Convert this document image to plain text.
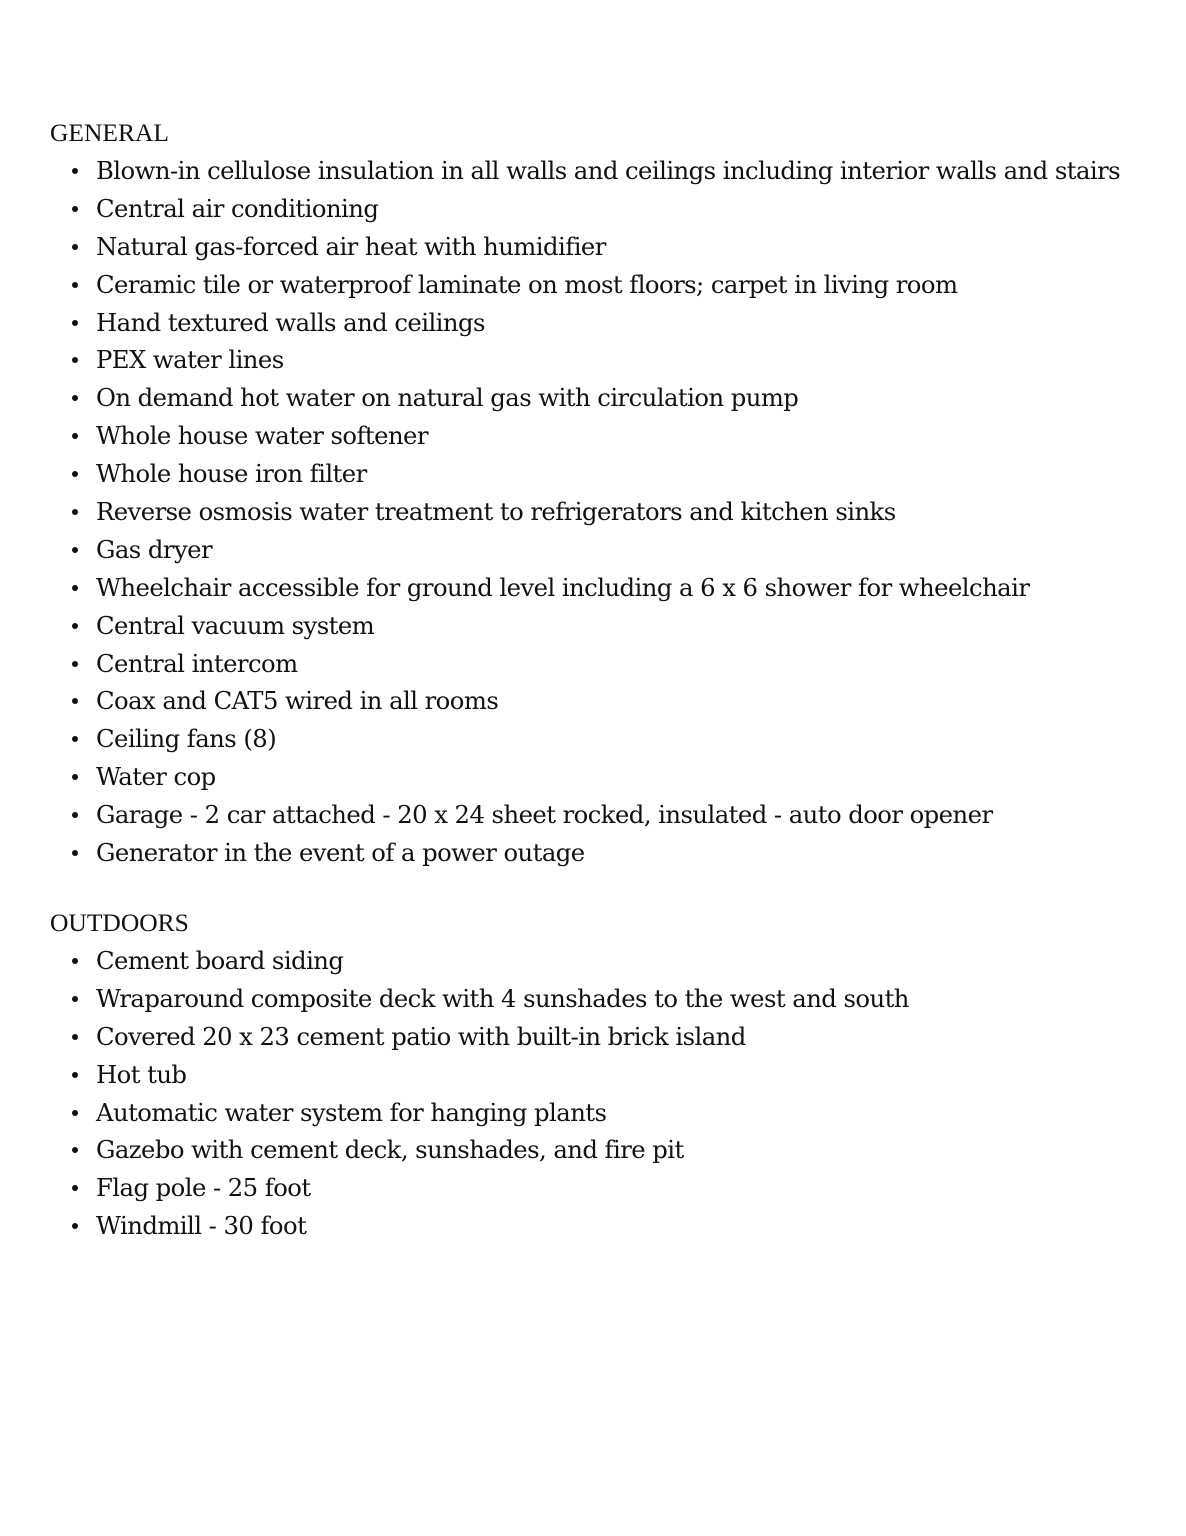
GENERAL
Blown-in cellulose insulation in all walls and ceilings including interior walls and stairs
Central air conditioning
Natural gas-forced air heat with humidifier
Ceramic tile or waterproof laminate on most floors; carpet in living room
Hand textured walls and ceilings
PEX water lines
On demand hot water on natural gas with circulation pump
Whole house water softener
Whole house iron filter
Reverse osmosis water treatment to refrigerators and kitchen sinks
Gas dryer
Wheelchair accessible for ground level including a 6 x 6 shower for wheelchair
Central vacuum system
Central intercom
Coax and CAT5 wired in all rooms
Ceiling fans (8)
Water cop
Garage - 2 car attached - 20 x 24 sheet rocked, insulated - auto door opener
Generator in the event of a power outage
OUTDOORS
Cement board siding
Wraparound composite deck with 4 sunshades to the west and south
Covered 20 x 23 cement patio with built-in brick island
Hot tub
Automatic water system for hanging plants
Gazebo with cement deck, sunshades, and fire pit
Flag pole - 25 foot
Windmill - 30 foot
